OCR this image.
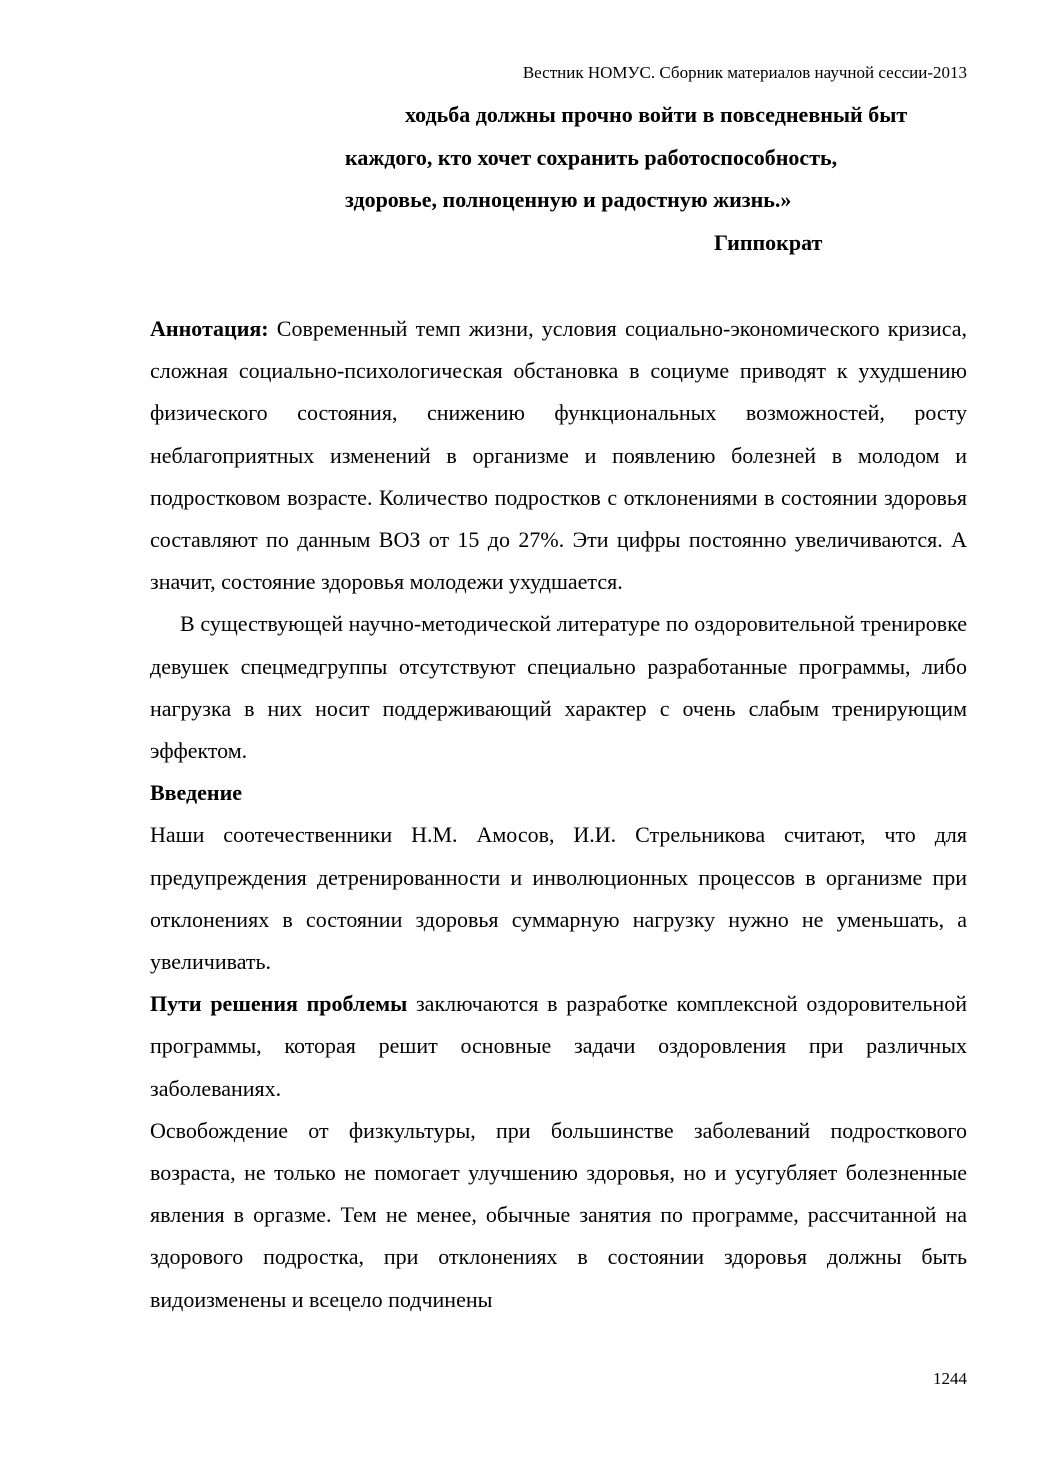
Вестник НОМУС. Сборник материалов научной сессии-2013
ходьба должны прочно войти в повседневный быт
каждого, кто хочет сохранить работоспособность,
здоровье, полноценную и радостную жизнь.»
Гиппократ

Аннотация: Современный темп жизни, условия социально-экономического кризиса, сложная социально-психологическая обстановка в социуме приводят к ухудшению физического состояния, снижению функциональных возможностей, росту неблагоприятных изменений в организме и появлению болезней в молодом и подростковом возрасте. Количество подростков с отклонениями в состоянии здоровья составляют по данным ВОЗ от 15 до 27%. Эти цифры постоянно увеличиваются. А значит, состояние здоровья молодежи ухудшается.

В существующей научно-методической литературе по оздоровительной тренировке девушек спецмедгруппы отсутствуют специально разработанные программы, либо нагрузка в них носит поддерживающий характер с очень слабым тренирующим эффектом.

Введение

Наши соотечественники Н.М. Амосов, И.И. Стрельникова считают, что для предупреждения детренированности и инволюционных процессов в организме при отклонениях в состоянии здоровья суммарную нагрузку нужно не уменьшать, а увеличивать.

Пути решения проблемы заключаются в разработке комплексной оздоровительной программы, которая решит основные задачи оздоровления при различных заболеваниях.

Освобождение от физкультуры, при большинстве заболеваний подросткового возраста, не только не помогает улучшению здоровья, но и усугубляет болезненные явления в оргазме. Тем не менее, обычные занятия по программе, рассчитанной на здорового подростка, при отклонениях в состоянии здоровья должны быть видоизменены и всецело подчинены

1244
